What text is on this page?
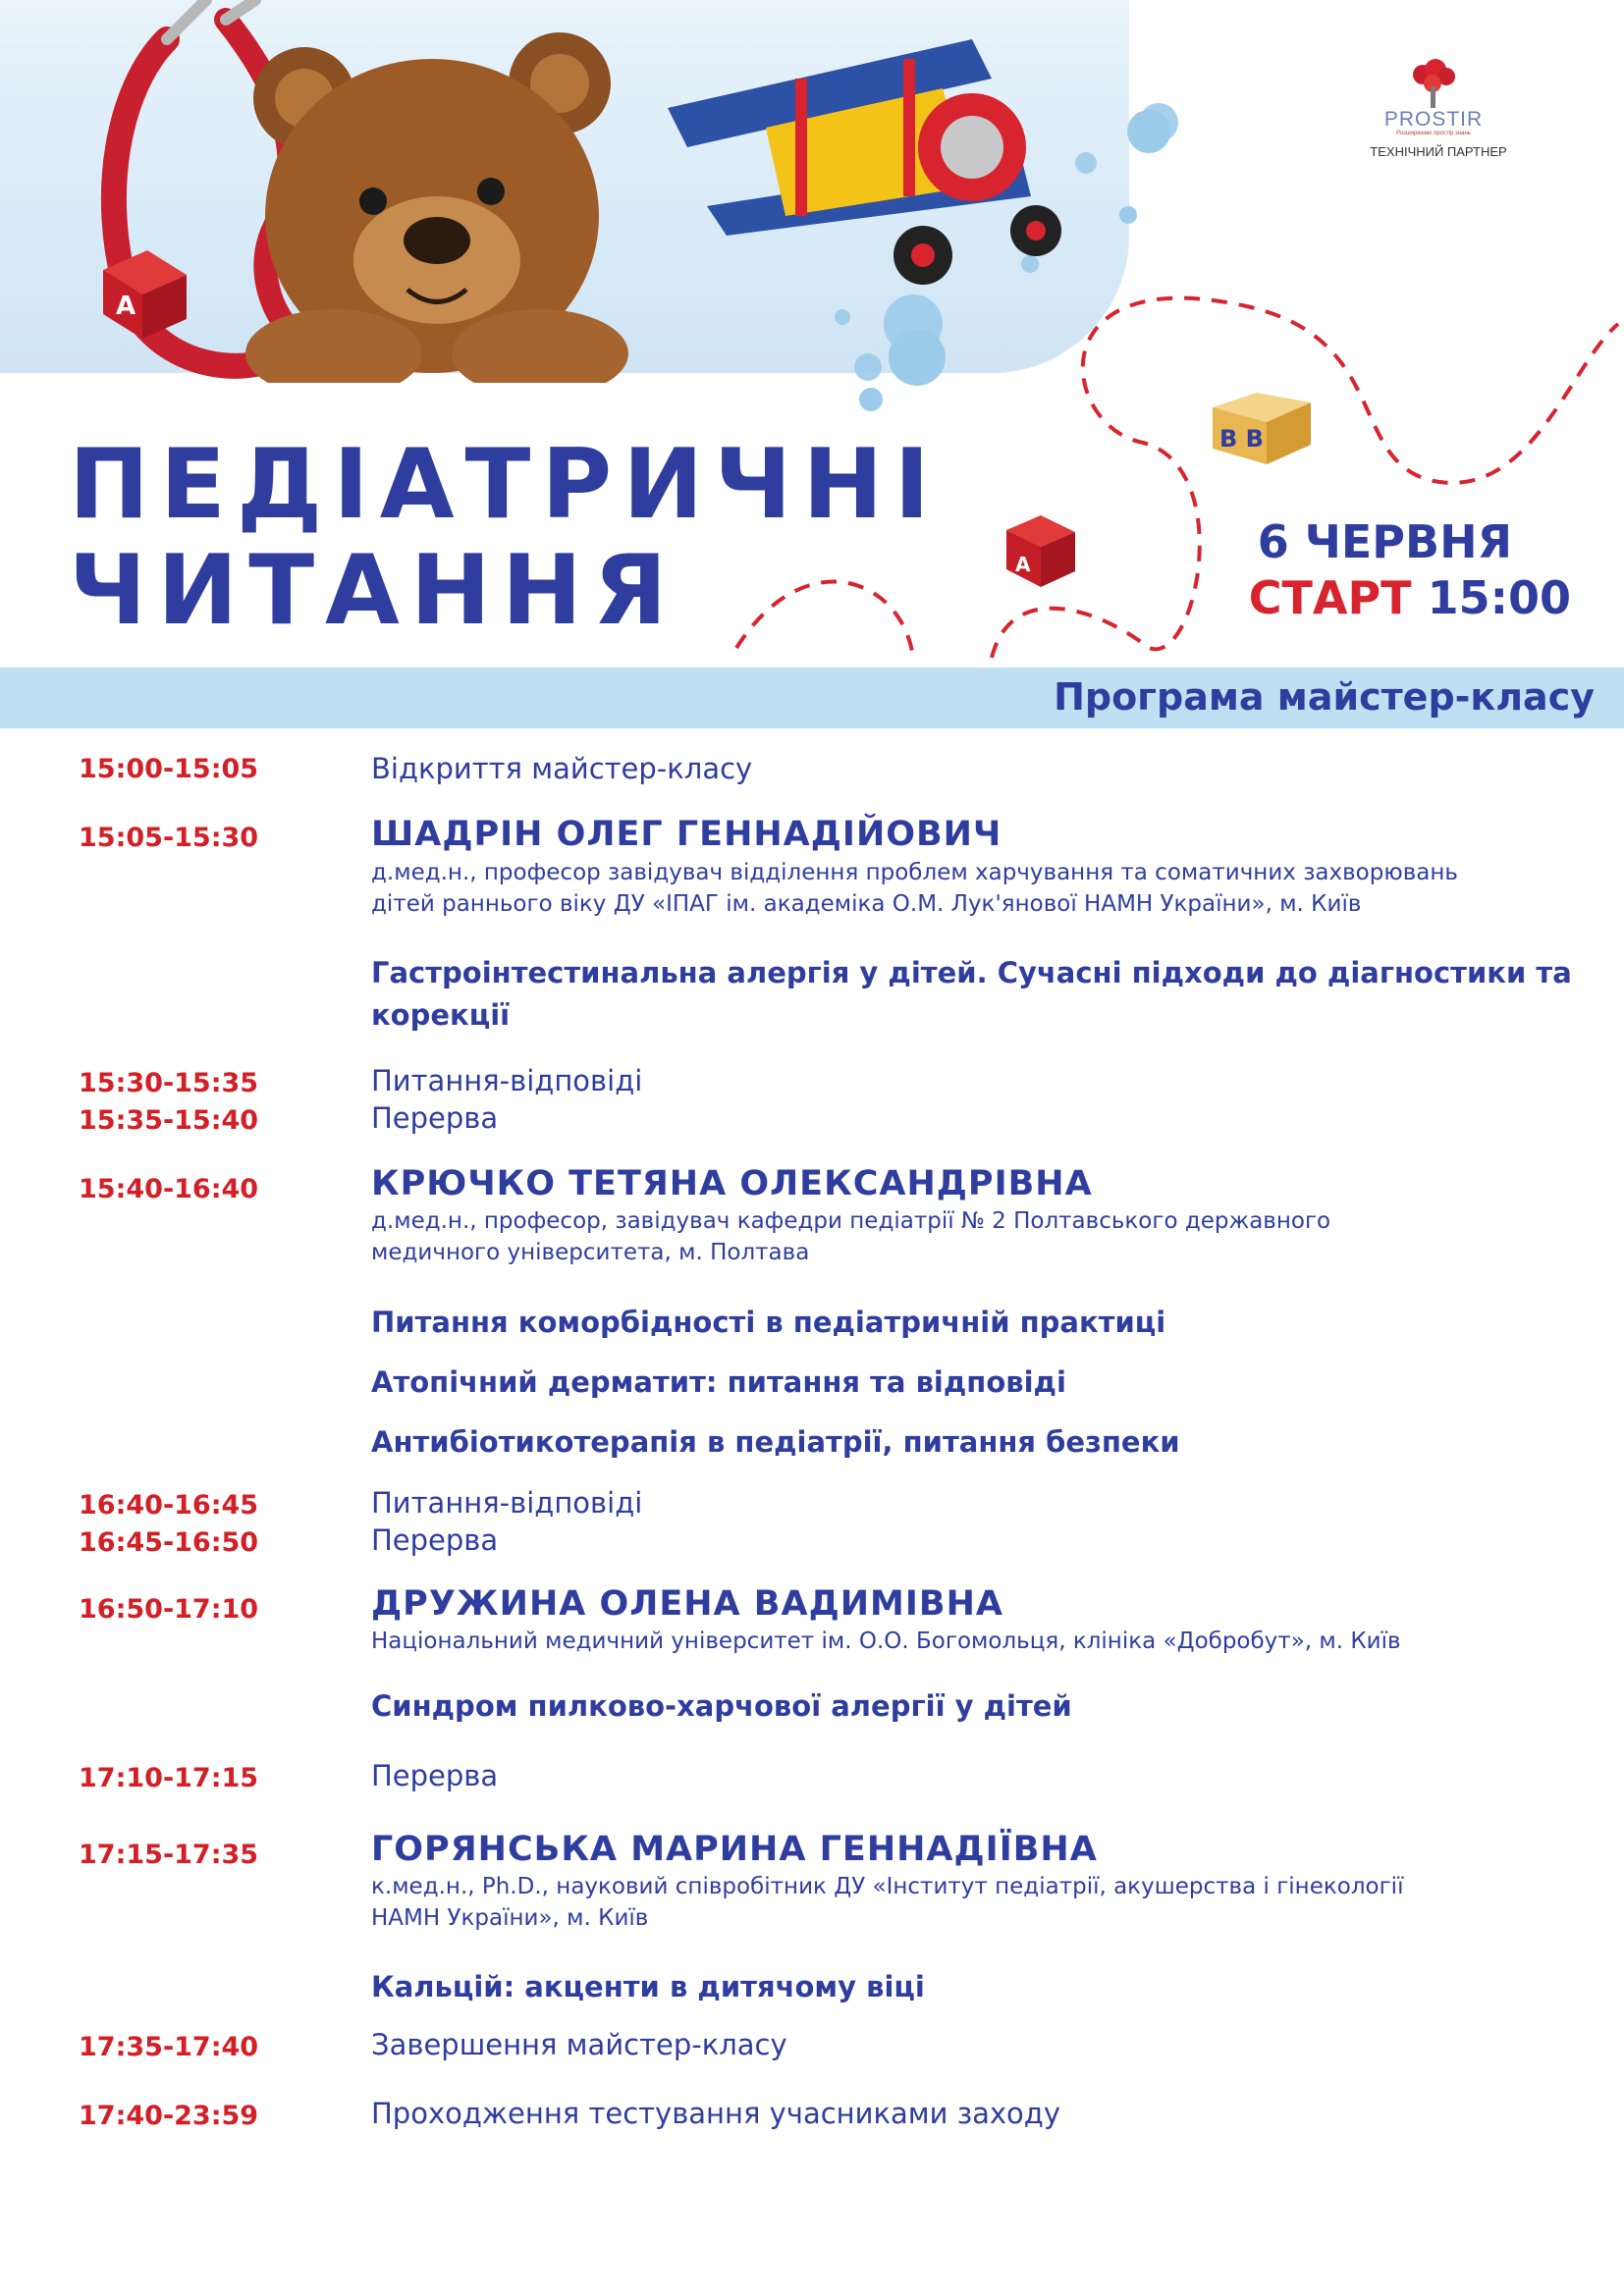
A
B B
A
PROSTIR
Розширюємо простір знань
ТЕХНІЧНИЙ ПАРТНЕР
ПЕДІАТРИЧНІ
ЧИТАННЯ	6 ЧЕРВНЯ
СТАРТ 15:00
Програма майстер-класу
15:00-15:05	Відкриття майстер-класу
15:05-15:30	ШАДРІН ОЛЕГ ГЕННАДІЙОВИЧ
д.мед.н., професор завідувач відділення проблем харчування та соматичних захворювань
дітей раннього віку ДУ «ІПАГ ім. академіка О.М. Лук'янової НАМН України», м. Київ
Гастроінтестинальна алергія у дітей. Сучасні підходи до діагностики та корекції
15:30-15:35	Питання-відповіді
15:35-15:40	Перерва
15:40-16:40	КРЮЧКО ТЕТЯНА ОЛЕКСАНДРІВНА
д.мед.н., професор, завідувач кафедри педіатрії № 2 Полтавського державного
медичного університета, м. Полтава
Питання коморбідності в педіатричній практиці
Атопічний дерматит: питання та відповіді
Антибіотикотерапія в педіатрії, питання безпеки
16:40-16:45	Питання-відповіді
16:45-16:50	Перерва
16:50-17:10	ДРУЖИНА ОЛЕНА ВАДИМІВНА
Національний медичний університет ім. О.О. Богомольця, клініка «Добробут», м. Київ
Синдром пилково-харчової алергії у дітей
17:10-17:15	Перерва
17:15-17:35	ГОРЯНСЬКА МАРИНА ГЕННАДІЇВНА
к.мед.н., Ph.D., науковий співробітник ДУ «Інститут педіатрії, акушерства і гінекології
НАМН України», м. Київ
Кальцій: акценти в дитячому віці
17:35-17:40	Завершення майстер-класу
17:40-23:59	Проходження тестування учасниками заходу
